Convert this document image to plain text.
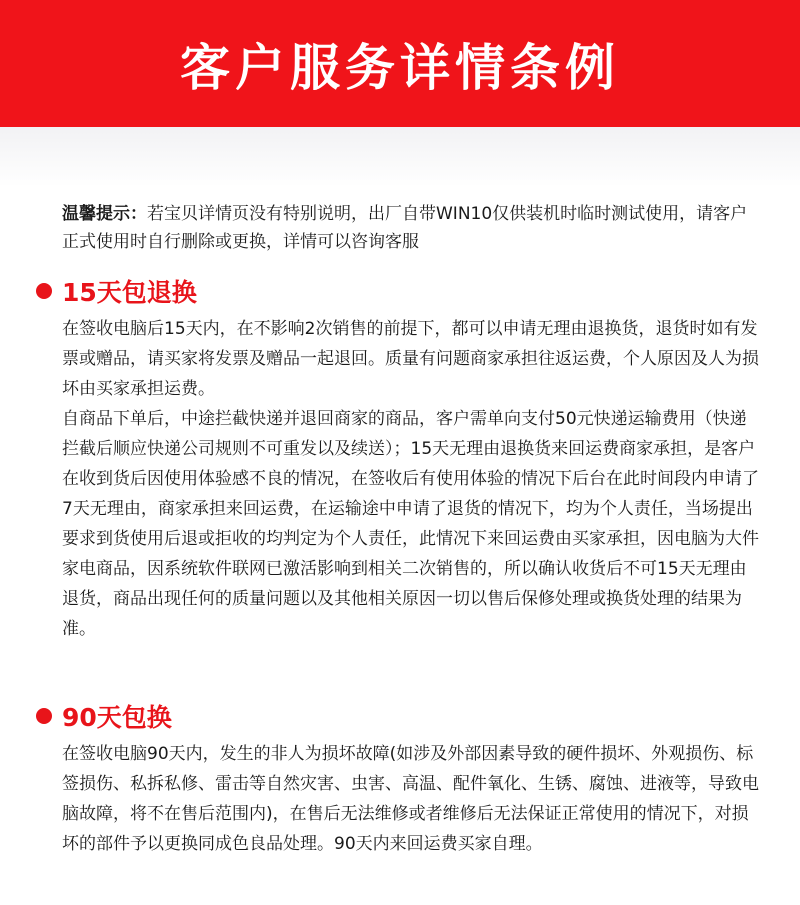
客户服务详情条例
温馨提示：若宝贝详情页没有特别说明，出厂自带WIN10仅供装机时临时测试使用，请客户正式使用时自行删除或更换，详情可以咨询客服
15天包退换

在签收电脑后15天内，在不影响2次销售的前提下，都可以申请无理由退换货，退货时如有发票或赠品，请买家将发票及赠品一起退回。质量有问题商家承担往返运费，个人原因及人为损坏由买家承担运费。

自商品下单后，中途拦截快递并退回商家的商品，客户需单向支付50元快递运输费用（快递拦截后顺应快递公司规则不可重发以及续送）；15天无理由退换货来回运费商家承担，是客户在收到货后因使用体验感不良的情况，在签收后有使用体验的情况下后台在此时间段内申请了7天无理由，商家承担来回运费，在运输途中申请了退货的情况下，均为个人责任，当场提出要求到货使用后退或拒收的均判定为个人责任，此情况下来回运费由买家承担，因电脑为大件家电商品，因系统软件联网已激活影响到相关二次销售的，所以确认收货后不可15天无理由退货，商品出现任何的质量问题以及其他相关原因一切以售后保修处理或换货处理的结果为准。

90天包换

在签收电脑90天内，发生的非人为损坏故障(如涉及外部因素导致的硬件损坏、外观损伤、标签损伤、私拆私修、雷击等自然灾害、虫害、高温、配件氧化、生锈、腐蚀、进液等，导致电脑故障，将不在售后范围内)，在售后无法维修或者维修后无法保证正常使用的情况下，对损坏的部件予以更换同成色良品处理。90天内来回运费买家自理。
